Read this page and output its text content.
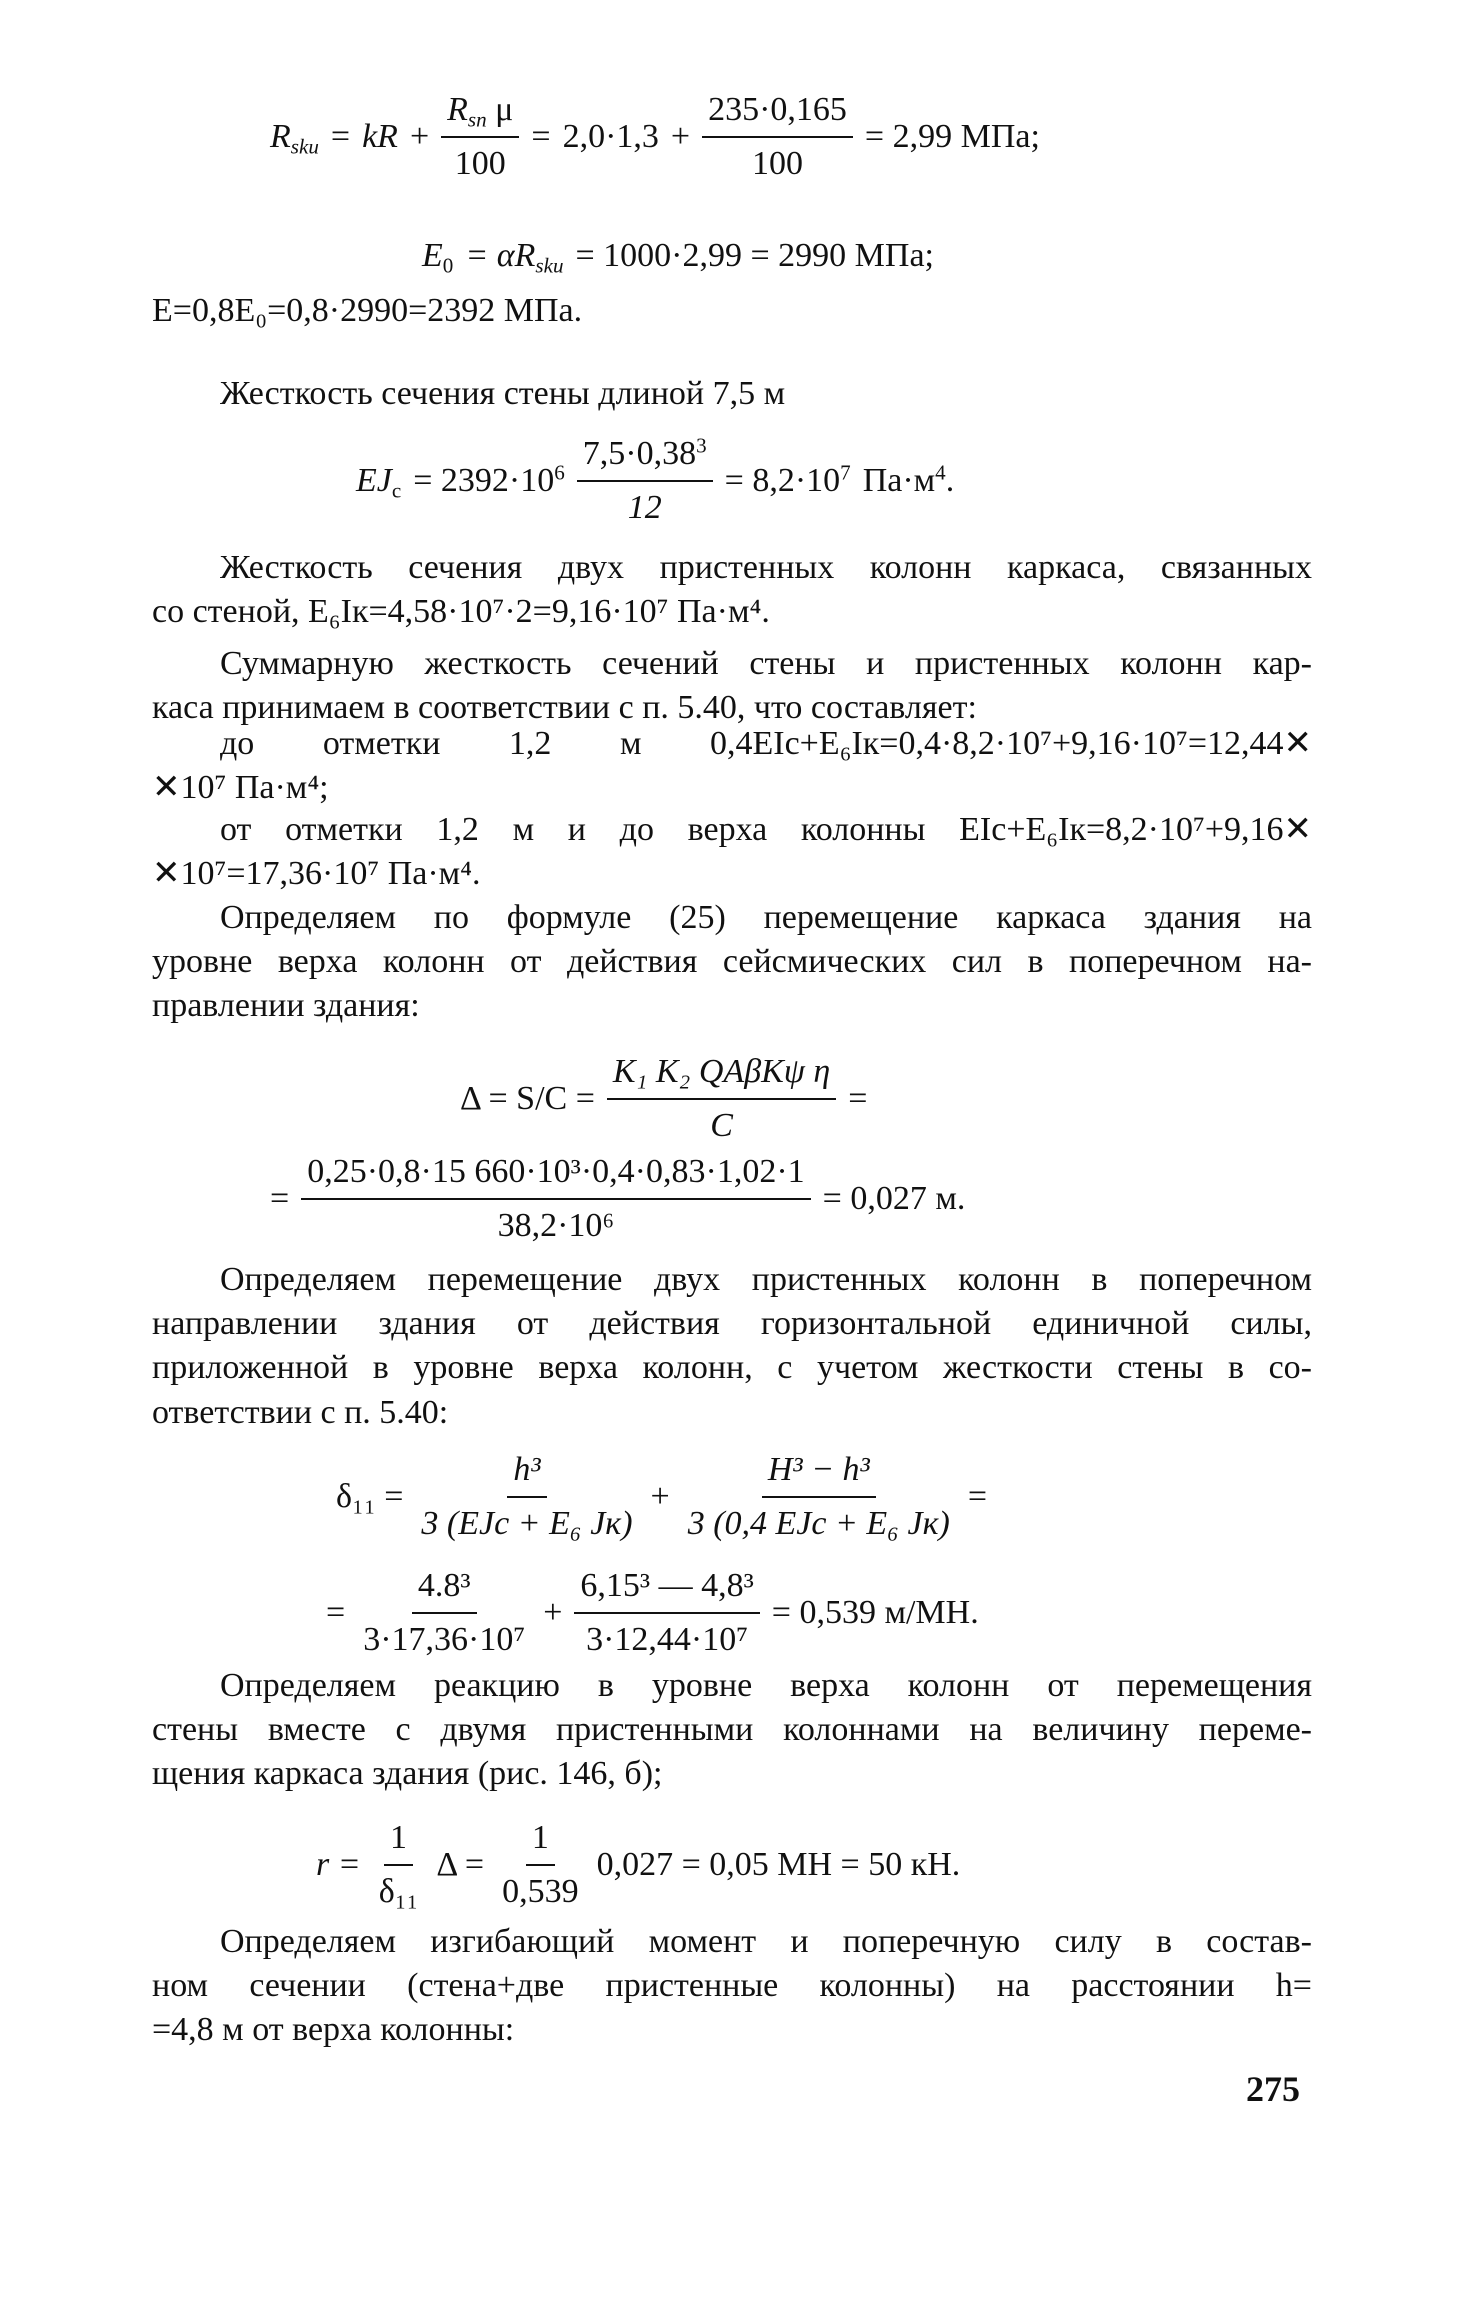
$R_{sku}$ = kR + $\frac{R_{sn} \mu}{100} = 2,0\cdot 1,3 + \frac{235\cdot 0,165}{100} = 2,99$ МПа;
$E_0 = \alpha R_{sku} = 1000\cdot 2,99 = 2990$ МПа;
E=0,8E₀=0,8·2990=2392 МПа.
Жесткость сечения стены длиной 7,5 м
$EJ_c = 2392\cdot 10^6 \frac{7,5\cdot 0,38^3}{12} = 8,2\cdot 10^7$ $Па\cdot м^4$.
Жесткость сечения двух пристенных колонн каркаса, связанных
со стеной, E₆Iк=4,58·10⁷·2=9,16·10⁷ Па·м⁴.
Суммарную жесткость сечений стены и пристенных колонн кар-
каса принимаем в соответствии с п. 5.40, что составляет:
до отметки 1,2 м 0,4EIc+E₆Iк=0,4·8,2·10⁷+9,16·10⁷=12,44✕
✕10⁷ Па·м⁴;
от отметки 1,2 м и до верха колонны EIc+E₆Iк=8,2·10⁷+9,16✕
✕10⁷=17,36·10⁷ Па·м⁴.
Определяем по формуле (25) перемещение каркаса здания на
уровне верха колонн от действия сейсмических сил в поперечном на-
правлении здания:
$\Delta = S/C = \frac{\text{K₁ K₂ QAβKψ η}}{C}$ =
= $\frac{\text{0,25·0,8·15 660·10³·0,4·0,83·1,02·1}}{\text{38,2·10⁶}} = 0,027$ м.
Определяем перемещение двух пристенных колонн в поперечном
направлении здания от действия горизонтальной единичной силы,
приложенной в уровне верха колонн, с учетом жесткости стены в со-
ответствии с п. 5.40:
$\delta_{11} = \frac{\text{h³}}{\text{3 (EJc + E₆ Jк)}} + \frac{\text{H³ − h³}}{\text{3 (0,4 EJc + E₆ Jк)}}$ =
= $\frac{\text{4.8³}}{\text{3·17,36·10⁷}} + \frac{\text{6,15³ — 4,8³}}{\text{3·12,44·10⁷}} = 0,539$ м/МН.
Определяем реакцию в уровне верха колонн от перемещения
стены вместе с двумя пристенными колоннами на величину переме-
щения каркаса здания (рис. 146, б);
$r = \frac{1}{\text{δ₁₁}}$ $\Delta = \frac{1}{0,539} 0,027 = 0,05$ МН = 50 кН.
Определяем изгибающий момент и поперечную силу в состав-
ном сечении (стена+две пристенные колонны) на расстоянии h=
=4,8 м от верха колонны:
275
